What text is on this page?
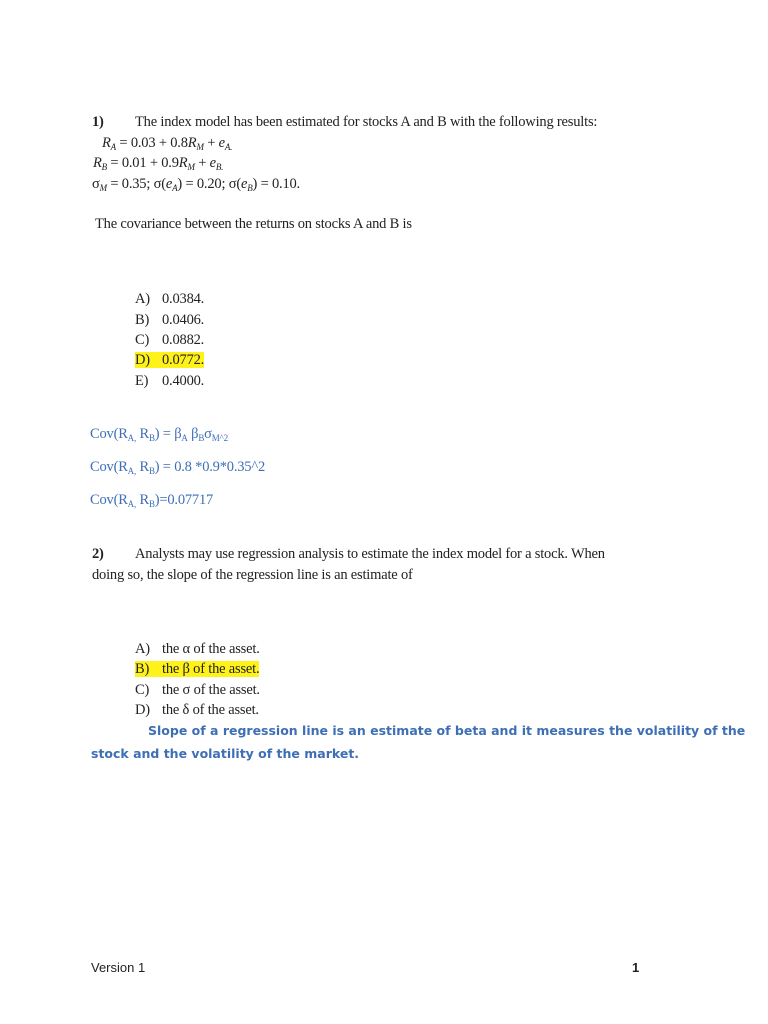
1) The index model has been estimated for stocks A and B with the following results:
$R_A = 0.03 + 0.8R_M + e_{A.}$
$R_B = 0.01 + 0.9R_M + e_{B.}$
$\sigma_M = 0.35$; $\sigma(e_A) = 0.20$; $\sigma(e_B) = 0.10$.
The covariance between the returns on stocks A and B is
A) 0.0384.
B) 0.0406.
C) 0.0882.
D) 0.0772.
E) 0.4000.
$Cov(R_{A,}$ $R_B) = \beta_A$ $\beta_B\sigma_{M\^{}2}$
$Cov(R_{A,}$ $R_B) = 0.8$ *0.9*0.35^2
$Cov(R_{A,}$ $R_B)=0.07717$
2) Analysts may use regression analysis to estimate the index model for a stock. When
doing so, the slope of the regression line is an estimate of
A) the α of the asset.
B) the β of the asset.
C) the σ of the asset.
D) the δ of the asset.
Slope of a regression line is an estimate of beta and it measures the volatility of the
stock and the volatility of the market.
Version 1	1
